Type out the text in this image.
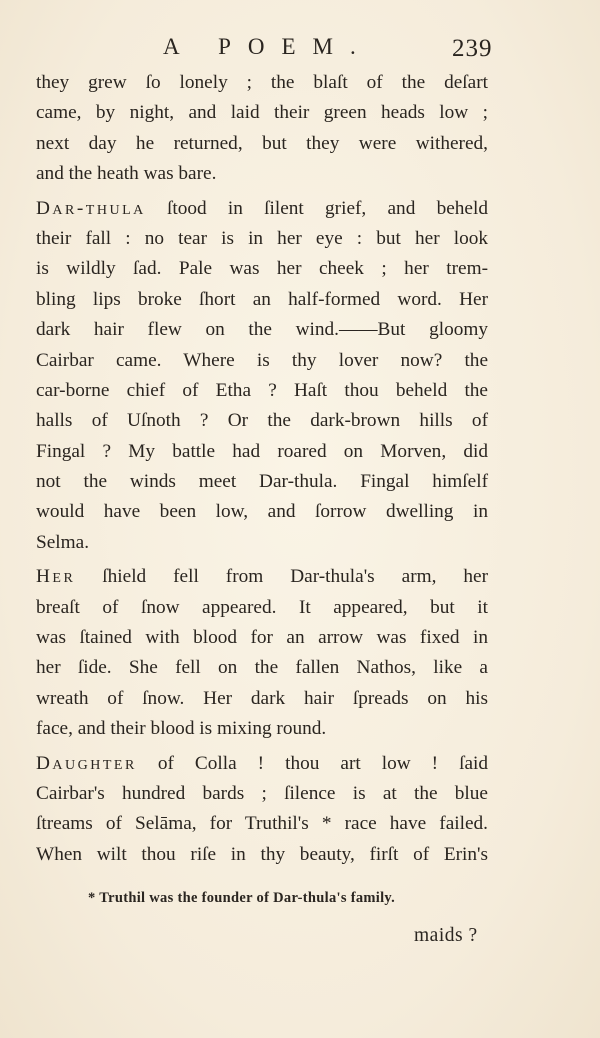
A POEM.	239
they grew ſo lonely ; the blaſt of the deſart
came, by night, and laid their green heads low ;
next day he returned, but they were withered,
and the heath was bare.
Dar-thula ſtood in ſilent grief, and beheld
their fall : no tear is in her eye : but her look
is wildly ſad. Pale was her cheek ; her trem-
bling lips broke ſhort an half-formed word. Her
dark hair flew on the wind.——But gloomy
Cairbar came. Where is thy lover now? the
car-borne chief of Etha ? Haſt thou beheld the
halls of Uſnoth ? Or the dark-brown hills of
Fingal ? My battle had roared on Morven, did
not the winds meet Dar-thula. Fingal himſelf
would have been low, and ſorrow dwelling in
Selma.
Her ſhield fell from Dar-thula's arm, her
breaſt of ſnow appeared. It appeared, but it
was ſtained with blood for an arrow was fixed in
her ſide. She fell on the fallen Nathos, like a
wreath of ſnow. Her dark hair ſpreads on his
face, and their blood is mixing round.
Daughter of Colla ! thou art low ! ſaid
Cairbar's hundred bards ; ſilence is at the blue
ſtreams of Selāma, for Truthil's * race have failed.
When wilt thou riſe in thy beauty, firſt of Erin's
* Truthil was the founder of Dar-thula's family.
maids ?
